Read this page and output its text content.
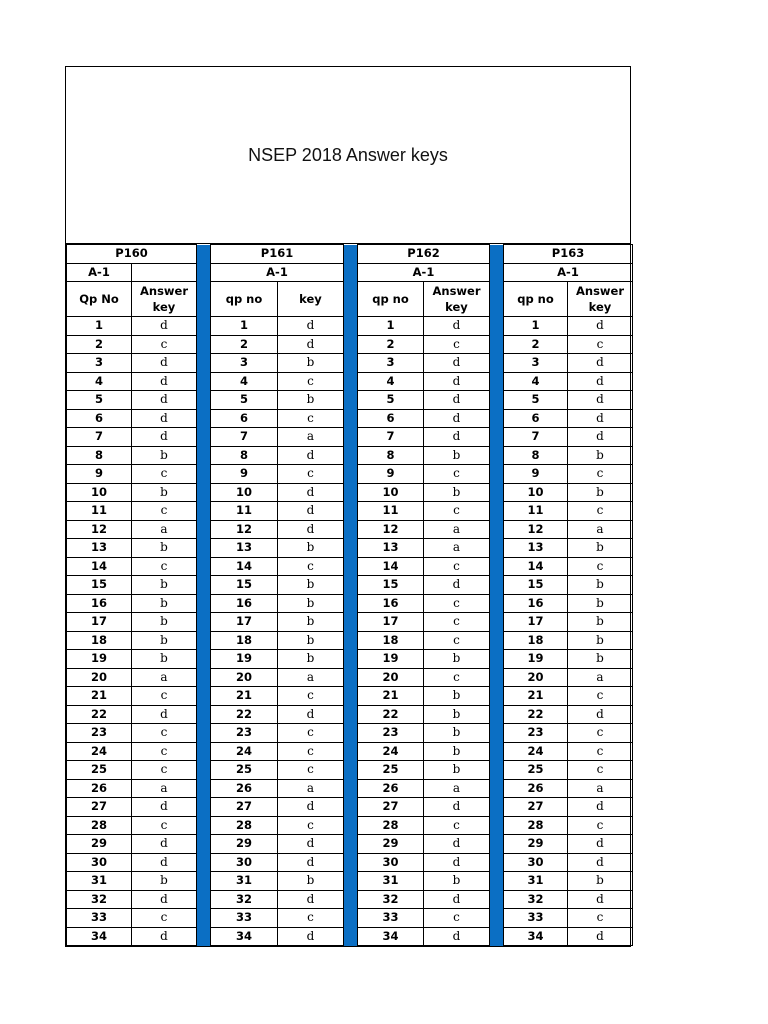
NSEP 2018 Answer keys
P160			P161			P162			P163	
A-1			A-1			A-1			A-1	
Qp No	Answer key		qp no	key		qp no	Answer key		qp no	Answer key
1	d		1	d		1	d		1	d
2	c		2	d		2	c		2	c
3	d		3	b		3	d		3	d
4	d		4	c		4	d		4	d
5	d		5	b		5	d		5	d
6	d		6	c		6	d		6	d
7	d		7	a		7	d		7	d
8	b		8	d		8	b		8	b
9	c		9	c		9	c		9	c
10	b		10	d		10	b		10	b
11	c		11	d		11	c		11	c
12	a		12	d		12	a		12	a
13	b		13	b		13	a		13	b
14	c		14	c		14	c		14	c
15	b		15	b		15	d		15	b
16	b		16	b		16	c		16	b
17	b		17	b		17	c		17	b
18	b		18	b		18	c		18	b
19	b		19	b		19	b		19	b
20	a		20	a		20	c		20	a
21	c		21	c		21	b		21	c
22	d		22	d		22	b		22	d
23	c		23	c		23	b		23	c
24	c		24	c		24	b		24	c
25	c		25	c		25	b		25	c
26	a		26	a		26	a		26	a
27	d		27	d		27	d		27	d
28	c		28	c		28	c		28	c
29	d		29	d		29	d		29	d
30	d		30	d		30	d		30	d
31	b		31	b		31	b		31	b
32	d		32	d		32	d		32	d
33	c		33	c		33	c		33	c
34	d		34	d		34	d		34	d
